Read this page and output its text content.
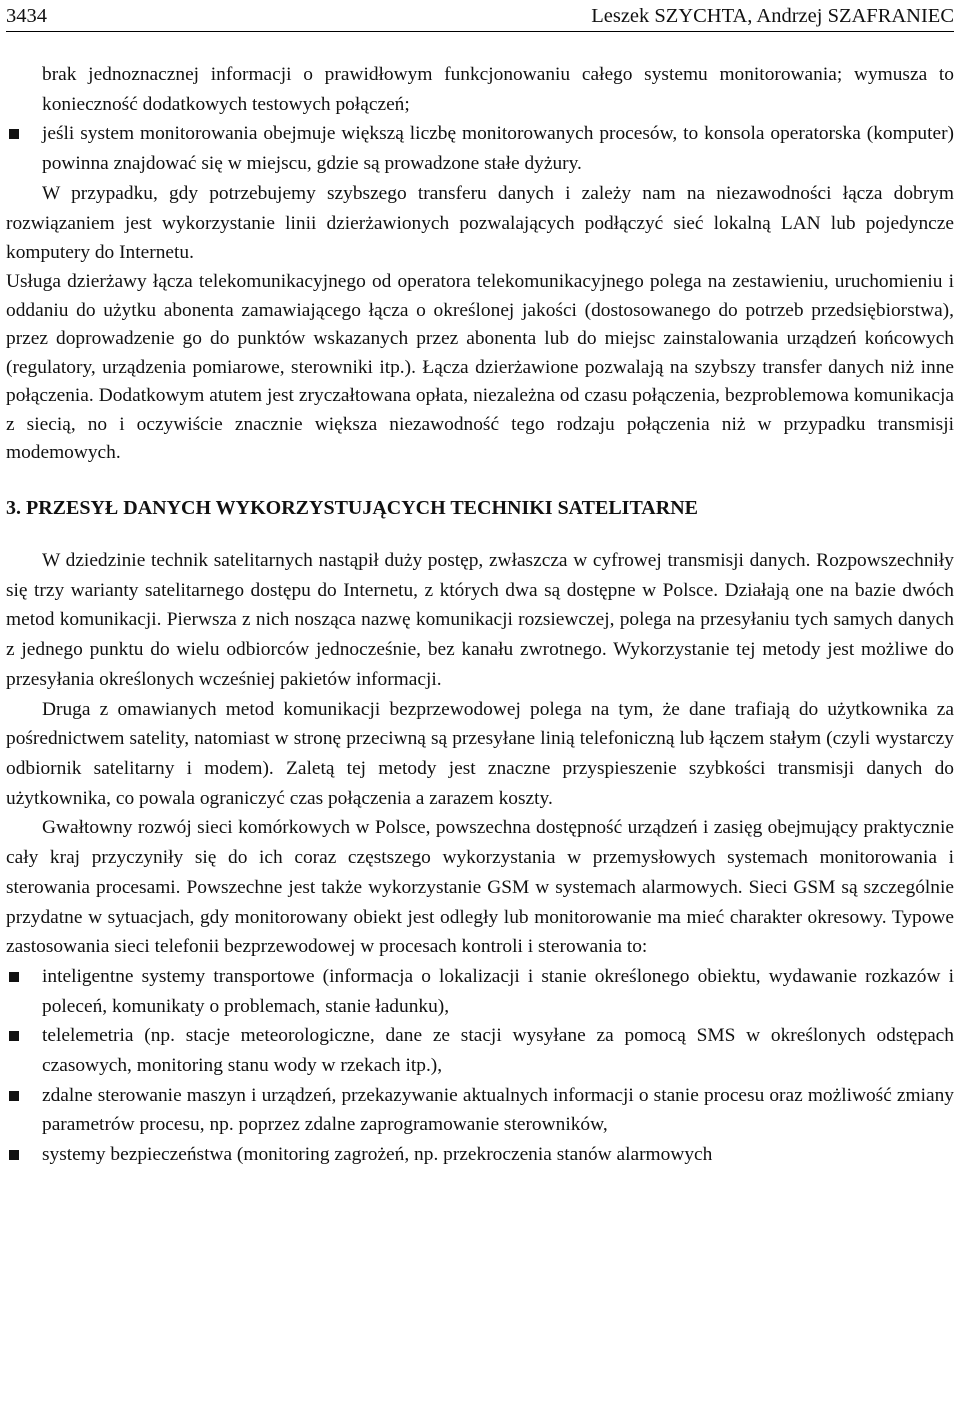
3434	Leszek SZYCHTA, Andrzej SZAFRANIEC

brak jednoznacznej informacji o prawidłowym funkcjonowaniu całego systemu monitorowania; wymusza to konieczność dodatkowych testowych połączeń;

jeśli system monitorowania obejmuje większą liczbę monitorowanych procesów, to konsola operatorska (komputer) powinna znajdować się w miejscu, gdzie są prowadzone stałe dyżury.

W przypadku, gdy potrzebujemy szybszego transferu danych i zależy nam na niezawodności łącza dobrym rozwiązaniem jest wykorzystanie linii dzierżawionych pozwalających podłączyć sieć lokalną LAN lub pojedyncze komputery do Internetu.

Usługa dzierżawy łącza telekomunikacyjnego od operatora telekomunikacyjnego polega na zestawieniu, uruchomieniu i oddaniu do użytku abonenta zamawiającego łącza o określonej jakości (dostosowanego do potrzeb przedsiębiorstwa), przez doprowadzenie go do punktów wskazanych przez abonenta lub do miejsc zainstalowania urządzeń końcowych (regulatory, urządzenia pomiarowe, sterowniki itp.). Łącza dzierżawione pozwalają na szybszy transfer danych niż inne połączenia. Dodatkowym atutem jest zryczałtowana opłata, niezależna od czasu połączenia, bezproblemowa komunikacja z siecią, no i oczywiście znacznie większa niezawodność tego rodzaju połączenia niż w przypadku transmisji modemowych.

3. PRZESYŁ DANYCH WYKORZYSTUJĄCYCH TECHNIKI SATELITARNE

W dziedzinie technik satelitarnych nastąpił duży postęp, zwłaszcza w cyfrowej transmisji danych. Rozpowszechniły się trzy warianty satelitarnego dostępu do Internetu, z których dwa są dostępne w Polsce. Działają one na bazie dwóch metod komunikacji. Pierwsza z nich nosząca nazwę komunikacji rozsiewczej, polega na przesyłaniu tych samych danych z jednego punktu do wielu odbiorców jednocześnie, bez kanału zwrotnego. Wykorzystanie tej metody jest możliwe do przesyłania określonych wcześniej pakietów informacji.

Druga z omawianych metod komunikacji bezprzewodowej polega na tym, że dane trafiają do użytkownika za pośrednictwem satelity, natomiast w stronę przeciwną są przesyłane linią telefoniczną lub łączem stałym (czyli wystarczy odbiornik satelitarny i modem). Zaletą tej metody jest znaczne przyspieszenie szybkości transmisji danych do użytkownika, co powala ograniczyć czas połączenia a zarazem koszty.

Gwałtowny rozwój sieci komórkowych w Polsce, powszechna dostępność urządzeń i zasięg obejmujący praktycznie cały kraj przyczyniły się do ich coraz częstszego wykorzystania w przemysłowych systemach monitorowania i sterowania procesami. Powszechne jest także wykorzystanie GSM w systemach alarmowych. Sieci GSM są szczególnie przydatne w sytuacjach, gdy monitorowany obiekt jest odległy lub monitorowanie ma mieć charakter okresowy. Typowe zastosowania sieci telefonii bezprzewodowej w procesach kontroli i sterowania to:

inteligentne systemy transportowe (informacja o lokalizacji i stanie określonego obiektu, wydawanie rozkazów i poleceń, komunikaty o problemach, stanie ładunku),

telelemetria (np. stacje meteorologiczne, dane ze stacji wysyłane za pomocą SMS w określonych odstępach czasowych, monitoring stanu wody w rzekach itp.),

zdalne sterowanie maszyn i urządzeń, przekazywanie aktualnych informacji o stanie procesu oraz możliwość zmiany parametrów procesu, np. poprzez zdalne zaprogramowanie sterowników,

systemy bezpieczeństwa (monitoring zagrożeń, np. przekroczenia stanów alarmowych
